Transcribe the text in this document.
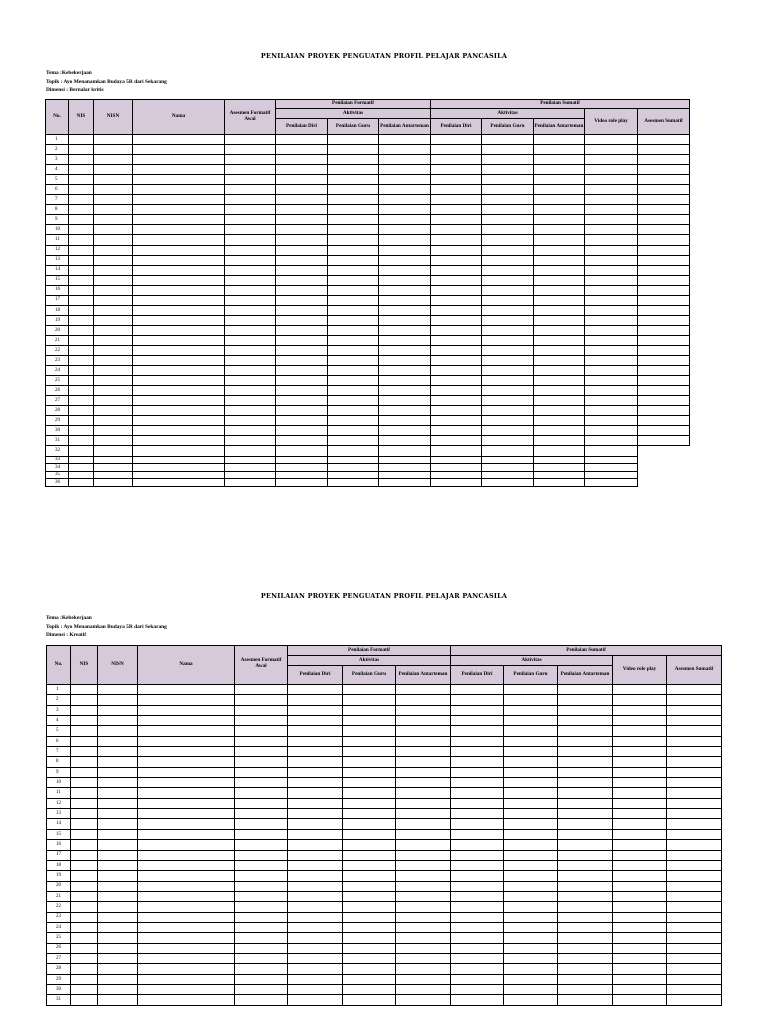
PENILAIAN PROYEK PENGUATAN PROFIL PELAJAR PANCASILA
Tema :Kebekerjaan
Topik : Ayo Menanamkan Budaya 5R dari Sekarang
Dimensi : Bernalar kritis
No.	NIS	NISN	Nama	Asesmen Formatif Awal	Penilaian Formatif			Penilaian Sumatif				
					Aktivitas			Aktivitas			Video role play	Asesmen Sumatif
					Penilaian Diri	Penilaian Guru	Penilaian Antarteman	Penilaian Diri	Penilaian Guru	Penilaian Antarteman		
1												
2												
3												
4												
5												
6												
7												
8												
9												
10												
11												
12												
13												
14												
15												
16												
17												
18												
19												
20												
21												
22												
23												
24												
25												
26												
27												
28												
29												
30												
31												
32												
33												
34												
35												
36												
PENILAIAN PROYEK PENGUATAN PROFIL PELAJAR PANCASILA
Tema :Kebekerjaan
Topik : Ayo Menanamkan Budaya 5R dari Sekarang
Dimensi : Kreatif
No.	NIS	NISN	Nama	Asesmen Formatif Awal	Penilaian Formatif			Penilaian Sumatif				
					Aktivitas			Aktivitas			Video role play	Asesmen Sumatif
					Penilaian Diri	Penilaian Guru	Penilaian Antarteman	Penilaian Diri	Penilaian Guru	Penilaian Antarteman		
1												
2												
3												
4												
5												
6												
7												
8												
9												
10												
11												
12												
13												
14												
15												
16												
17												
18												
19												
20												
21												
22												
23												
24												
25												
26												
27												
28												
29												
30												
31												
